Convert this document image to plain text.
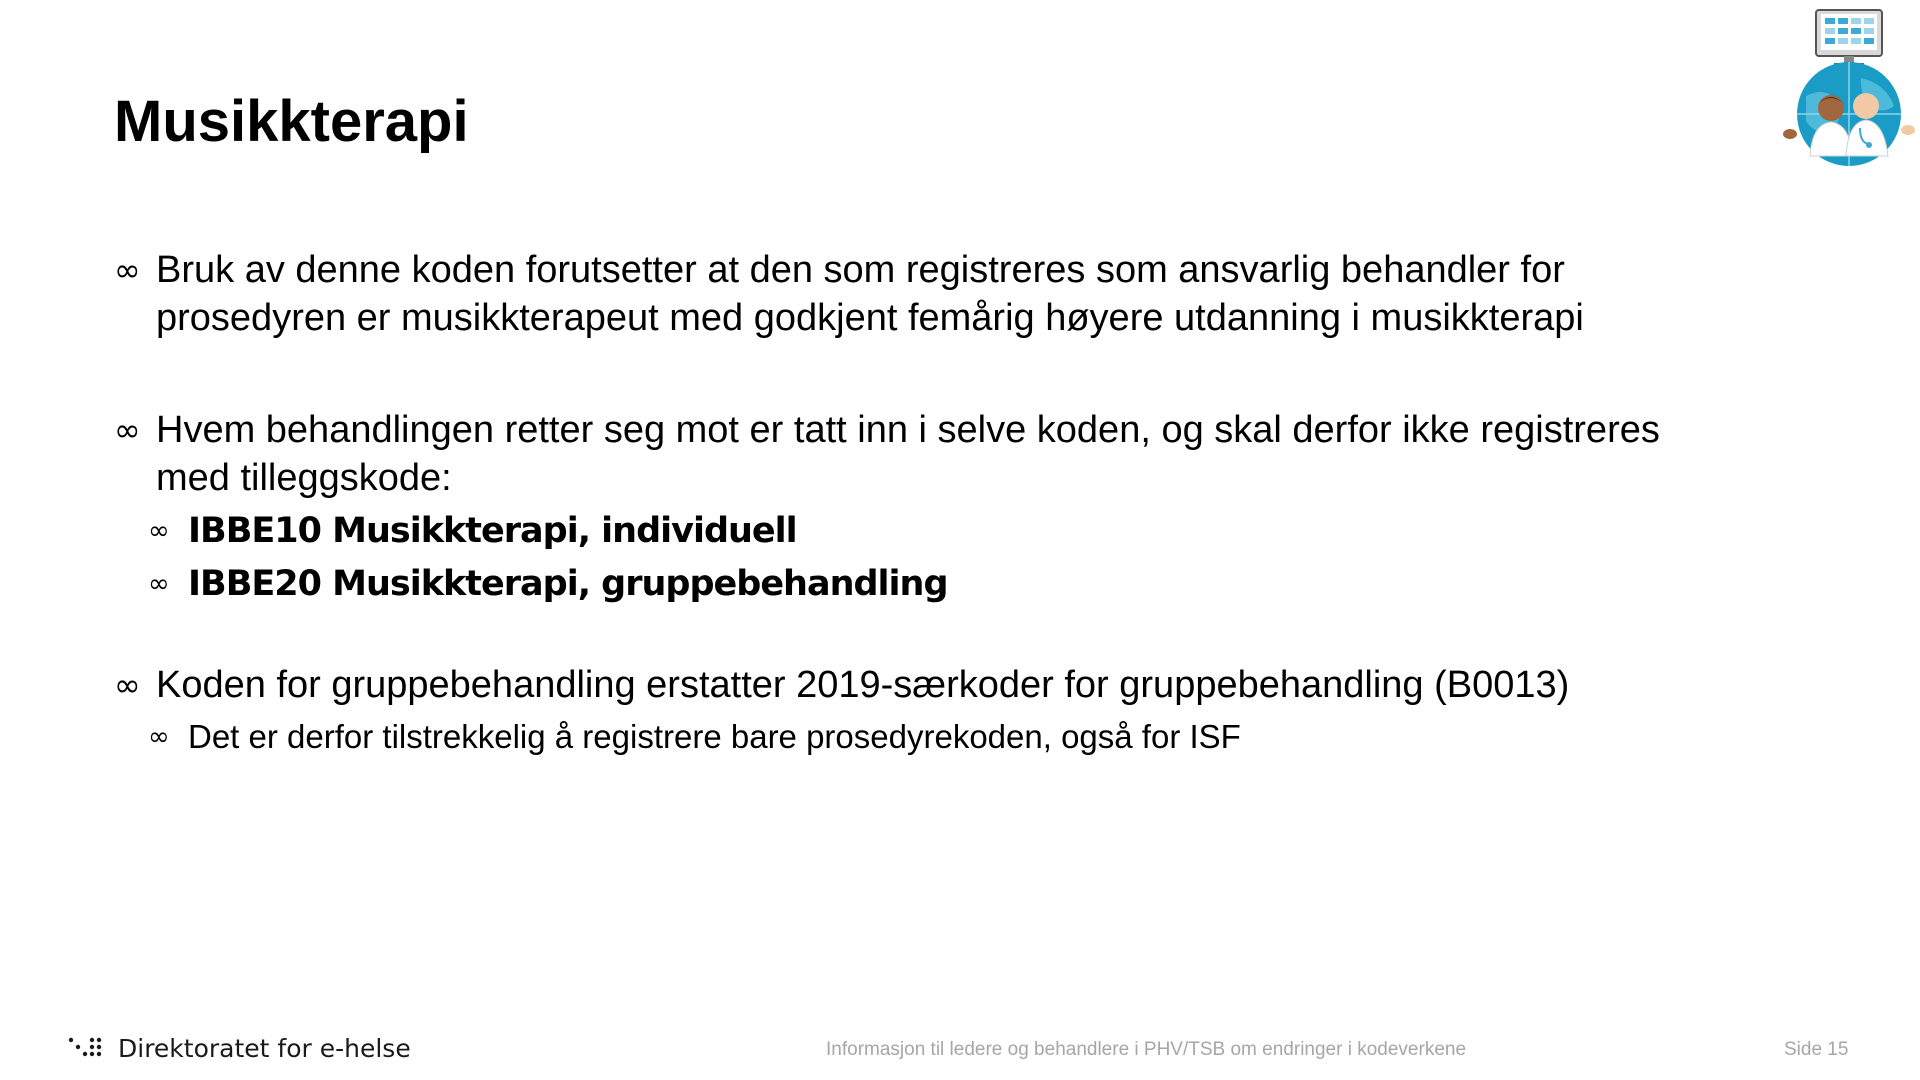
Musikkterapi
∞ Bruk av denne koden forutsetter at den som registreres som ansvarlig behandler for
prosedyren er musikkterapeut med godkjent femårig høyere utdanning i musikkterapi
∞ Hvem behandlingen retter seg mot er tatt inn i selve koden, og skal derfor ikke registreres
med tilleggskode:
∞ IBBE10 Musikkterapi, individuell
∞ IBBE20 Musikkterapi, gruppebehandling
∞ Koden for gruppebehandling erstatter 2019-særkoder for gruppebehandling (B0013)
∞ Det er derfor tilstrekkelig å registrere bare prosedyrekoden, også for ISF
Direktoratet for e-helse	Informasjon til ledere og behandlere i PHV/TSB om endringer i kodeverkene	Side 15
